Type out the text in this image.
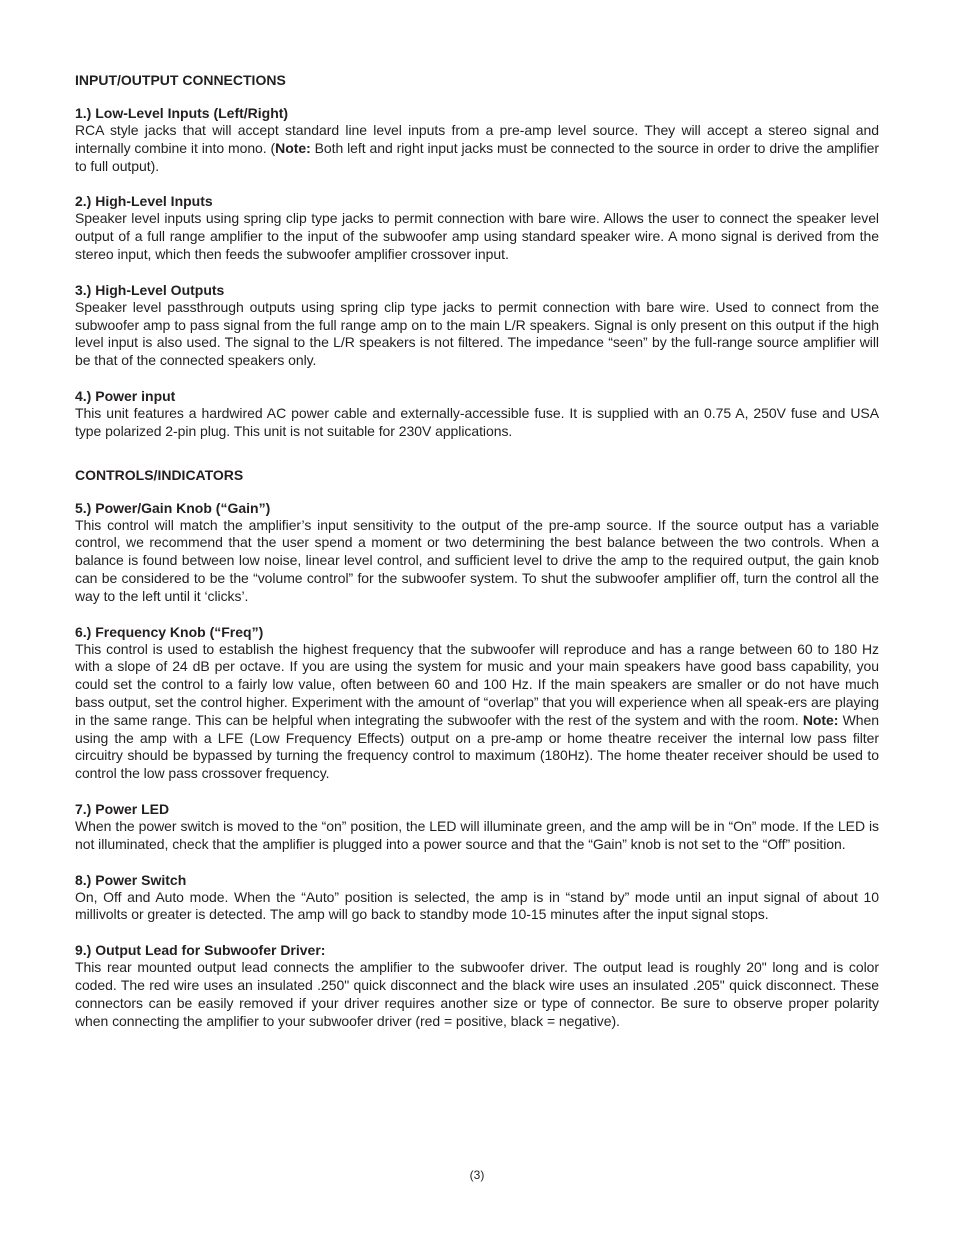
INPUT/OUTPUT CONNECTIONS
1.) Low-Level Inputs (Left/Right)

RCA style jacks that will accept standard line level inputs from a pre-amp level source. They will accept a stereo signal and internally combine it into mono. (Note: Both left and right input jacks must be connected to the source in order to drive the amplifier to full output).

2.) High-Level Inputs

Speaker level inputs using spring clip type jacks to permit connection with bare wire. Allows the user to connect the speaker level output of a full range amplifier to the input of the subwoofer amp using standard speaker wire. A mono signal is derived from the stereo input, which then feeds the subwoofer amplifier crossover input.

3.) High-Level Outputs

Speaker level passthrough outputs using spring clip type jacks to permit connection with bare wire. Used to connect from the subwoofer amp to pass signal from the full range amp on to the main L/R speakers. Signal is only present on this output if the high level input is also used. The signal to the L/R speakers is not filtered. The impedance “seen” by the full-range source amplifier will be that of the connected speakers only.

4.) Power input

This unit features a hardwired AC power cable and externally-accessible fuse. It is supplied with an 0.75 A, 250V fuse and USA type polarized 2-pin plug. This unit is not suitable for 230V applications.

CONTROLS/INDICATORS
5.) Power/Gain Knob (“Gain”)

This control will match the amplifier’s input sensitivity to the output of the pre-amp source. If the source output has a variable control, we recommend that the user spend a moment or two determining the best balance between the two controls. When a balance is found between low noise, linear level control, and sufficient level to drive the amp to the required output, the gain knob can be considered to be the “volume control” for the subwoofer system. To shut the subwoofer amplifier off, turn the control all the way to the left until it ‘clicks’.

6.) Frequency Knob (“Freq”)

This control is used to establish the highest frequency that the subwoofer will reproduce and has a range between 60 to 180 Hz with a slope of 24 dB per octave. If you are using the system for music and your main speakers have good bass capability, you could set the control to a fairly low value, often between 60 and 100 Hz. If the main speakers are smaller or do not have much bass output, set the control higher. Experiment with the amount of “overlap” that you will experience when all speak-ers are playing in the same range. This can be helpful when integrating the subwoofer with the rest of the system and with the room. Note: When using the amp with a LFE (Low Frequency Effects) output on a pre-amp or home theatre receiver the internal low pass filter circuitry should be bypassed by turning the frequency control to maximum (180Hz). The home theater receiver should be used to control the low pass crossover frequency.

7.) Power LED

When the power switch is moved to the “on” position, the LED will illuminate green, and the amp will be in “On” mode. If the LED is not illuminated, check that the amplifier is plugged into a power source and that the “Gain” knob is not set to the “Off” position.

8.) Power Switch

On, Off and Auto mode. When the “Auto” position is selected, the amp is in “stand by” mode until an input signal of about 10 millivolts or greater is detected. The amp will go back to standby mode 10-15 minutes after the input signal stops.

9.) Output Lead for Subwoofer Driver:

This rear mounted output lead connects the amplifier to the subwoofer driver. The output lead is roughly 20" long and is color coded. The red wire uses an insulated .250" quick disconnect and the black wire uses an insulated .205" quick disconnect. These connectors can be easily removed if your driver requires another size or type of connector. Be sure to observe proper polarity when connecting the amplifier to your subwoofer driver (red = positive, black = negative).

(3)
